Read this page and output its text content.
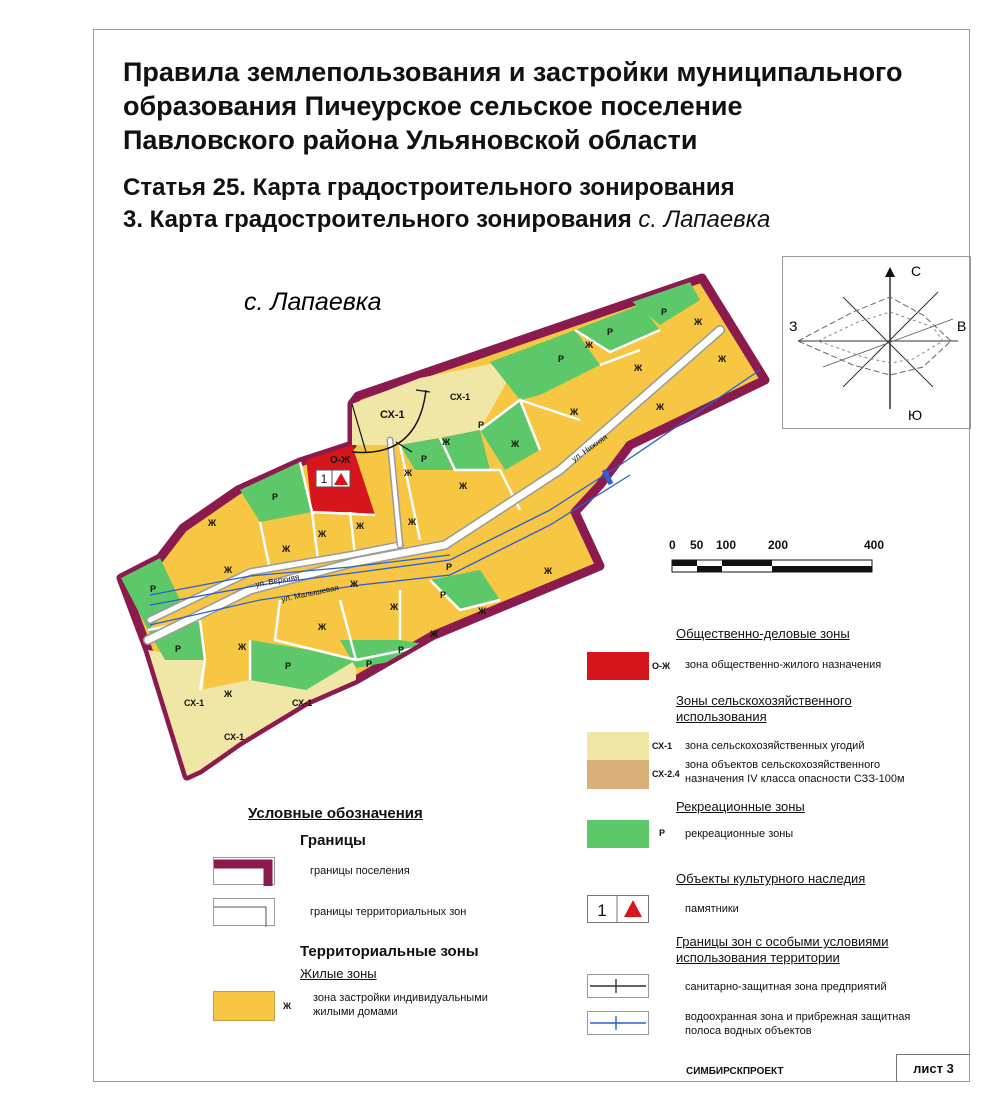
Правила землепользования и застройки муниципального
образования Пичеурское сельское поселение
Павловского района Ульяновской области
Статья 25. Карта градостроительного зонирования
3. Карта градостроительного зонирования с. Лапаевка
с. Лапаевка
1
О-Ж	ул. Нижняя
ул. Верхняя
ул. Малышевая
СХ-1
СХ-1
СХ-1	СХ-1
СХ-1
Р
Р
Р
Р
Р
Р
Р
Р
Р	Р
Р
Р
Р
Ж
Ж
Ж
Ж
Ж	Ж
Ж	Ж
Ж
Ж
Ж
Ж
Ж
Ж
Ж
Ж	Ж
Ж
Ж
Ж
Ж
Ж
Ж
Ж
С
Ю
З	В
0 50 100	200	400
Условные обозначения
Границы
границы поселения
границы территориальных зон
Территориальные зоны
Жилые зоны
Ж
зона застройки индивидуальными
жилыми домами
Общественно-деловые зоны
О-Ж зона общественно-жилого назначения
Зоны сельскохозяйственного
использования
СХ-1 зона сельскохозяйственных угодий
СХ-2.4
зона объектов сельскохозяйственного
назначения IV класса опасности СЗЗ-100м
Рекреационные зоны
Р рекреационные зоны
Объекты культурного наследия
1	памятники
Границы зон с особыми условиями
использования территории
санитарно-защитная зона предприятий
водоохранная зона и прибрежная защитная
полоса водных объектов
СИМБИРСКПРОЕКТ	лист 3
